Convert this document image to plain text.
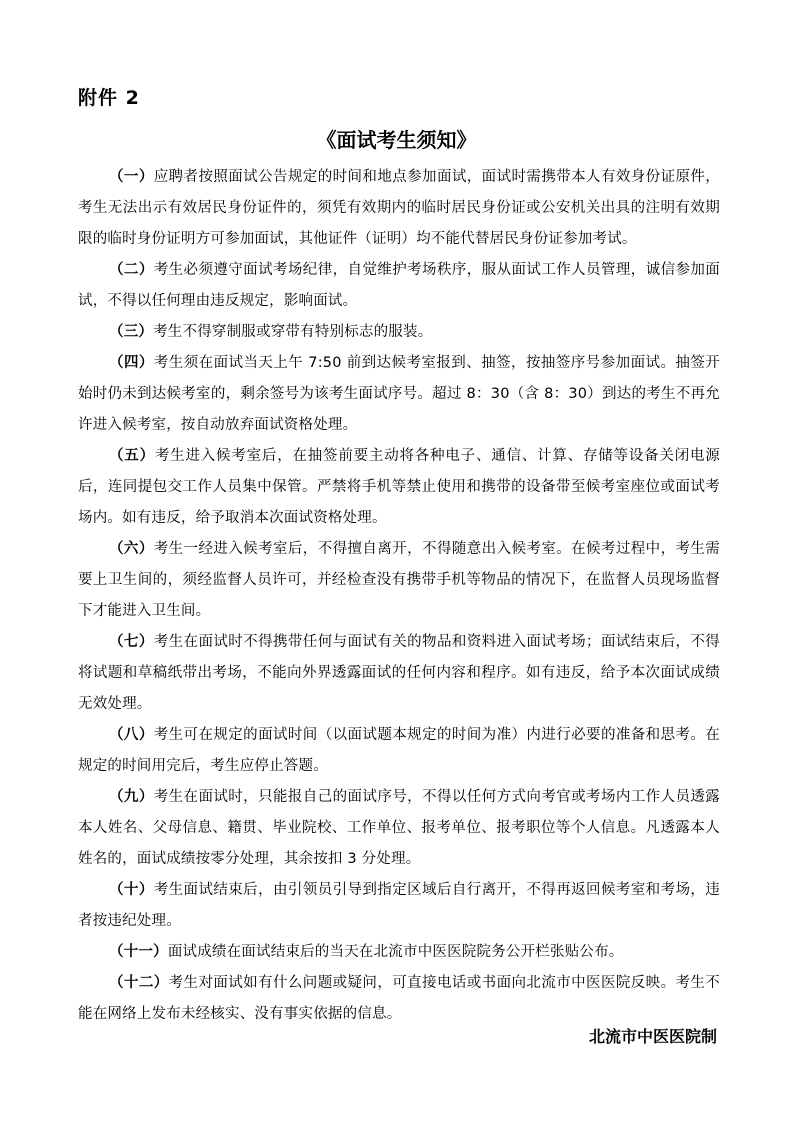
附件 2
《面试考生须知》

（一）应聘者按照面试公告规定的时间和地点参加面试，面试时需携带本人有效身份证原件，考生无法出示有效居民身份证件的，须凭有效期内的临时居民身份证或公安机关出具的注明有效期限的临时身份证明方可参加面试，其他证件（证明）均不能代替居民身份证参加考试。

（二）考生必须遵守面试考场纪律，自觉维护考场秩序，服从面试工作人员管理，诚信参加面试，不得以任何理由违反规定，影响面试。

（三）考生不得穿制服或穿带有特别标志的服装。

（四）考生须在面试当天上午 7:50 前到达候考室报到、抽签，按抽签序号参加面试。抽签开始时仍未到达候考室的，剩余签号为该考生面试序号。超过 8：30（含 8：30）到达的考生不再允许进入候考室，按自动放弃面试资格处理。

（五）考生进入候考室后，在抽签前要主动将各种电子、通信、计算、存储等设备关闭电源后，连同提包交工作人员集中保管。严禁将手机等禁止使用和携带的设备带至候考室座位或面试考场内。如有违反，给予取消本次面试资格处理。

（六）考生一经进入候考室后，不得擅自离开，不得随意出入候考室。在候考过程中，考生需要上卫生间的，须经监督人员许可，并经检查没有携带手机等物品的情况下，在监督人员现场监督下才能进入卫生间。

（七）考生在面试时不得携带任何与面试有关的物品和资料进入面试考场；面试结束后，不得将试题和草稿纸带出考场，不能向外界透露面试的任何内容和程序。如有违反，给予本次面试成绩无效处理。

（八）考生可在规定的面试时间（以面试题本规定的时间为准）内进行必要的准备和思考。在规定的时间用完后，考生应停止答题。

（九）考生在面试时，只能报自己的面试序号，不得以任何方式向考官或考场内工作人员透露本人姓名、父母信息、籍贯、毕业院校、工作单位、报考单位、报考职位等个人信息。凡透露本人姓名的，面试成绩按零分处理，其余按扣 3 分处理。

（十）考生面试结束后，由引领员引导到指定区域后自行离开，不得再返回候考室和考场，违者按违纪处理。

（十一）面试成绩在面试结束后的当天在北流市中医医院院务公开栏张贴公布。

（十二）考生对面试如有什么问题或疑问，可直接电话或书面向北流市中医医院反映。考生不能在网络上发布未经核实、没有事实依据的信息。

北流市中医医院制
